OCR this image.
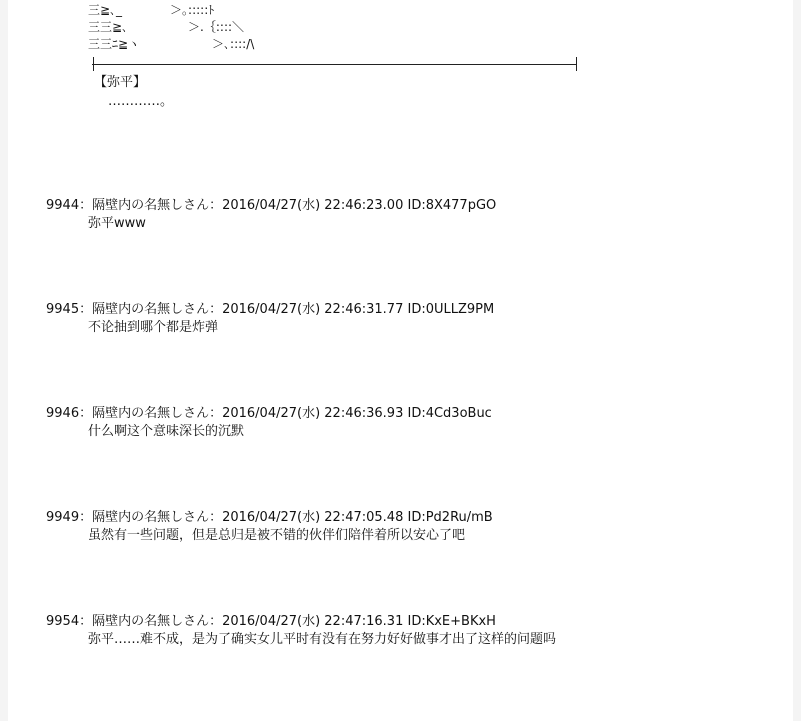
三≧､_　　　　＞｡:::::ﾄ
三三≧､　　　　　＞.｛::::＼
三三ﾆ≧ヽ　　　　　　＞､::::/\
【弥平】
…………。
9944：隔壁内の名無しさん：2016/04/27(水) 22:46:23.00 ID:8X477pGO
弥平www
9945：隔壁内の名無しさん：2016/04/27(水) 22:46:31.77 ID:0ULLZ9PM
不论抽到哪个都是炸弹
9946：隔壁内の名無しさん：2016/04/27(水) 22:46:36.93 ID:4Cd3oBuc
什么啊这个意味深长的沉默
9949：隔壁内の名無しさん：2016/04/27(水) 22:47:05.48 ID:Pd2Ru/mB
虽然有一些问题，但是总归是被不错的伙伴们陪伴着所以安心了吧
9954：隔壁内の名無しさん：2016/04/27(水) 22:47:16.31 ID:KxE+BKxH
弥平……难不成，是为了确实女儿平时有没有在努力好好做事才出了这样的问题吗
